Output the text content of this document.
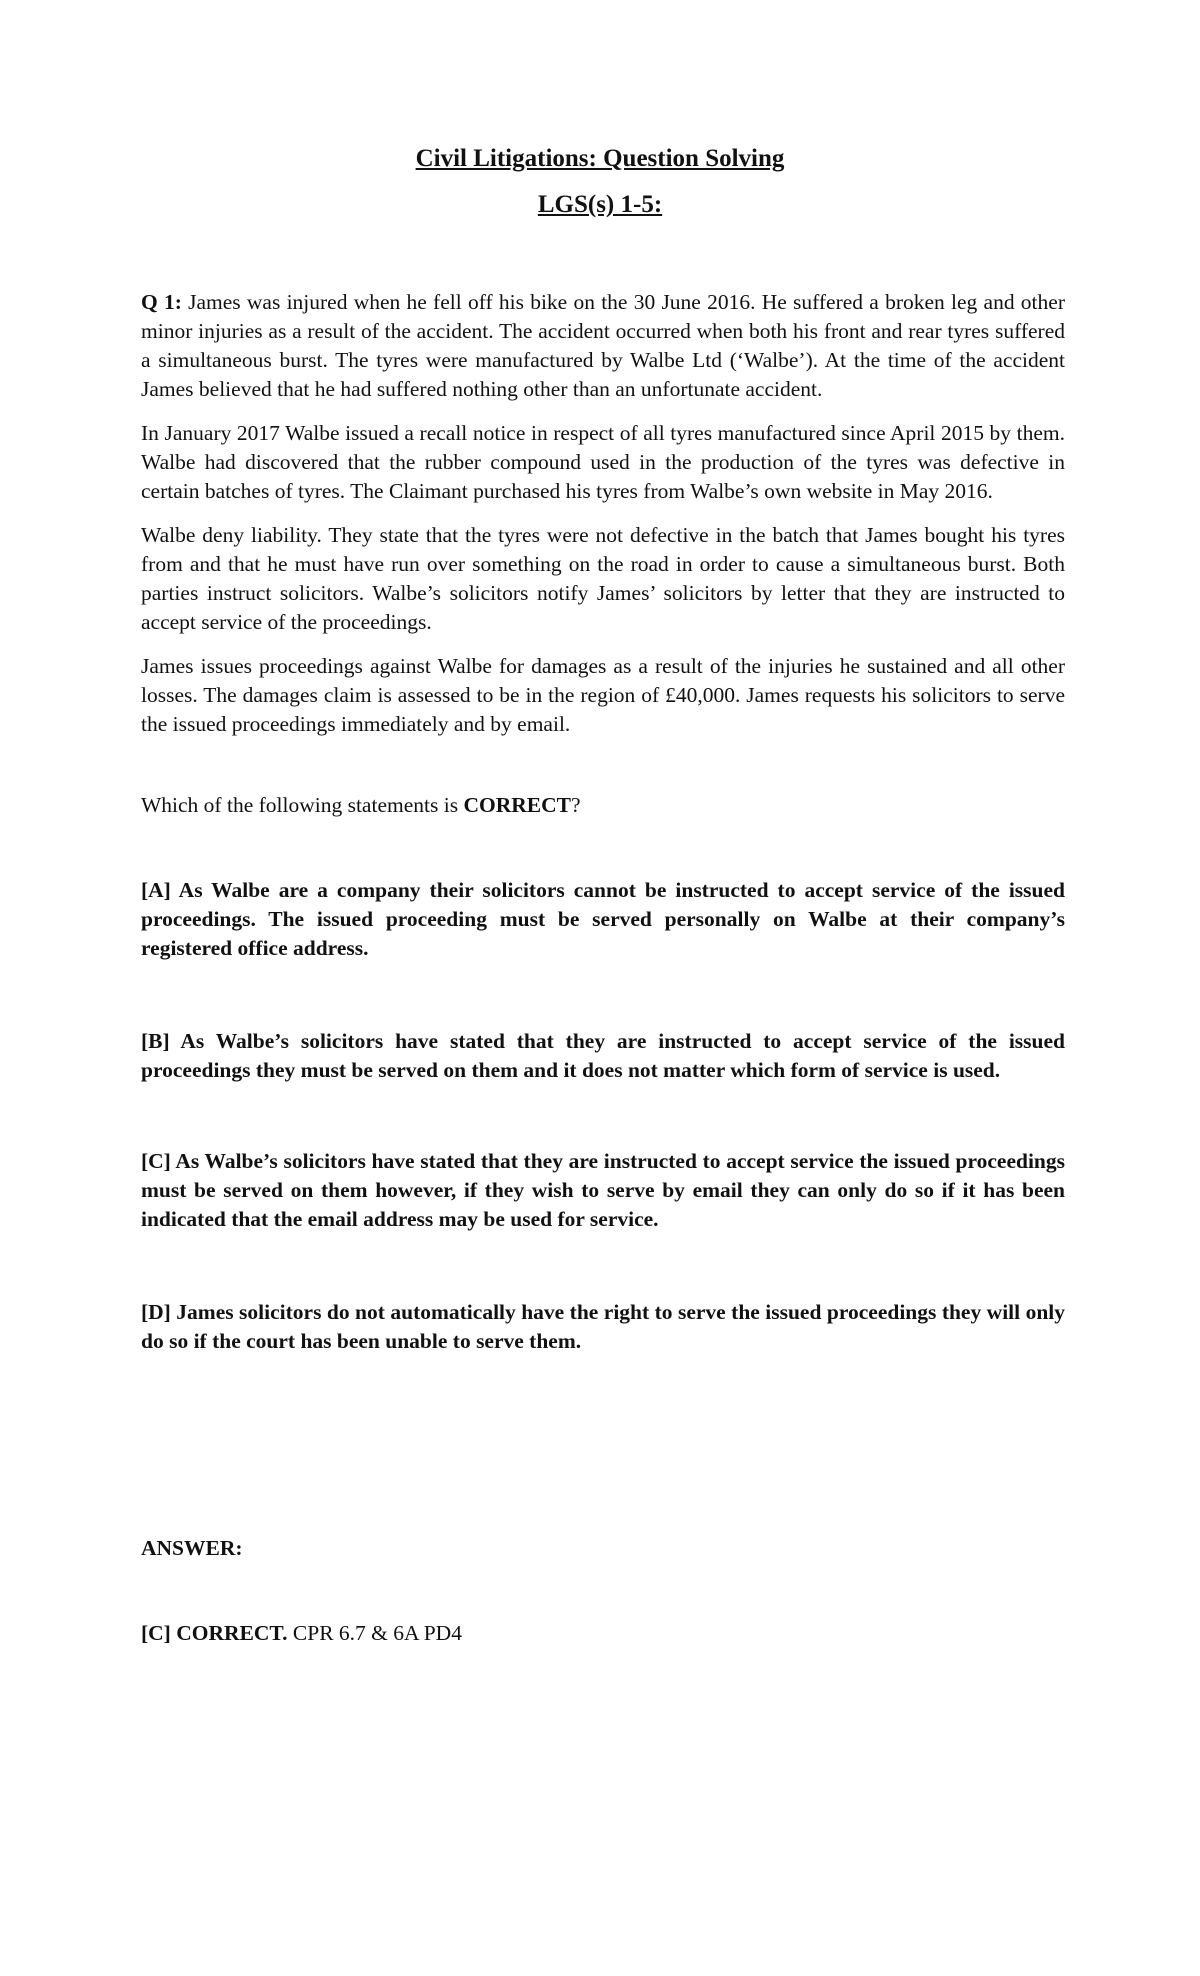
Civil Litigations: Question Solving
LGS(s) 1-5:

Q 1: James was injured when he fell off his bike on the 30 June 2016. He suffered a broken leg and other minor injuries as a result of the accident. The accident occurred when both his front and rear tyres suffered a simultaneous burst. The tyres were manufactured by Walbe Ltd (‘Walbe’). At the time of the accident James believed that he had suffered nothing other than an unfortunate accident.

In January 2017 Walbe issued a recall notice in respect of all tyres manufactured since April 2015 by them. Walbe had discovered that the rubber compound used in the production of the tyres was defective in certain batches of tyres. The Claimant purchased his tyres from Walbe’s own website in May 2016.

Walbe deny liability. They state that the tyres were not defective in the batch that James bought his tyres from and that he must have run over something on the road in order to cause a simultaneous burst. Both parties instruct solicitors. Walbe’s solicitors notify James’ solicitors by letter that they are instructed to accept service of the proceedings.

James issues proceedings against Walbe for damages as a result of the injuries he sustained and all other losses. The damages claim is assessed to be in the region of £40,000. James requests his solicitors to serve the issued proceedings immediately and by email.

Which of the following statements is CORRECT?

[A] As Walbe are a company their solicitors cannot be instructed to accept service of the issued proceedings. The issued proceeding must be served personally on Walbe at their company’s registered office address.

[B] As Walbe’s solicitors have stated that they are instructed to accept service of the issued proceedings they must be served on them and it does not matter which form of service is used.

[C] As Walbe’s solicitors have stated that they are instructed to accept service the issued proceedings must be served on them however, if they wish to serve by email they can only do so if it has been indicated that the email address may be used for service.

[D] James solicitors do not automatically have the right to serve the issued proceedings they will only do so if the court has been unable to serve them.

ANSWER:

[C] CORRECT. CPR 6.7 & 6A PD4
